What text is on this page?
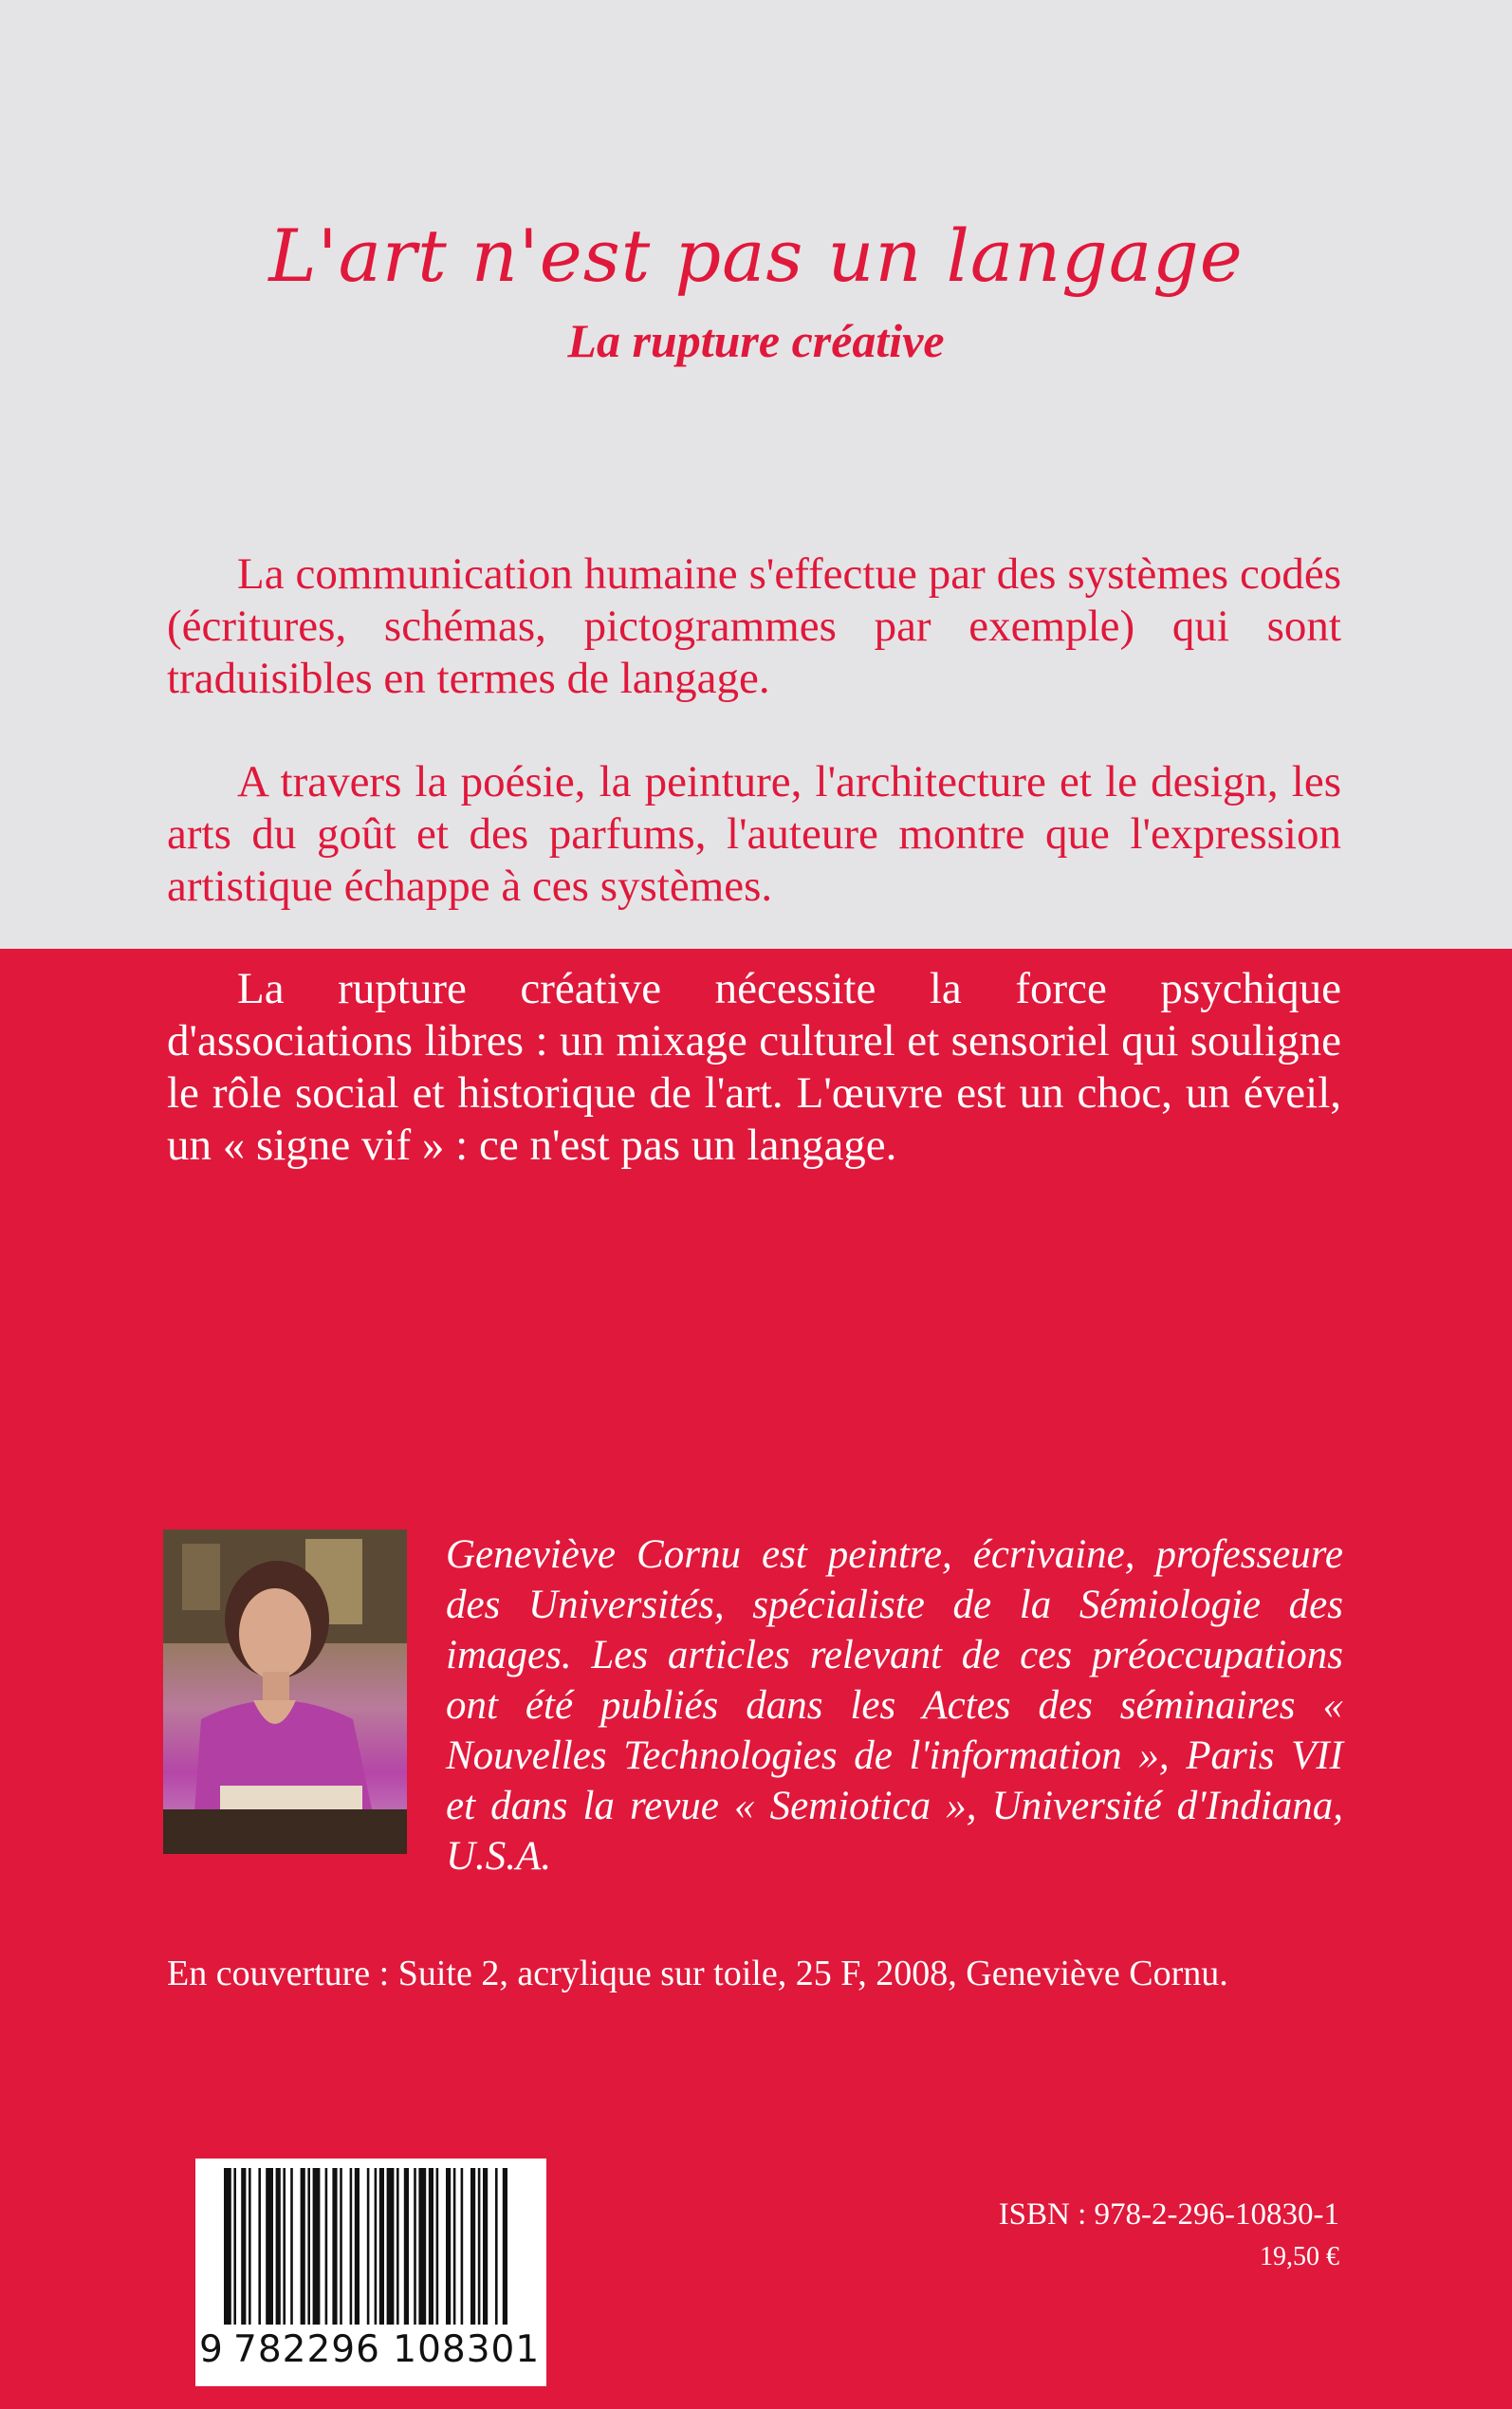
L'art n'est pas un langage
La rupture créative

La communication humaine s'effectue par des systèmes codés (écritures, schémas, pictogrammes par exemple) qui sont traduisibles en termes de langage.

A travers la poésie, la peinture, l'architecture et le design, les arts du goût et des parfums, l'auteure montre que l'expression artistique échappe à ces systèmes.

La rupture créative nécessite la force psychique d'associations libres : un mixage culturel et sensoriel qui souligne le rôle social et historique de l'art. L'œuvre est un choc, un éveil, un « signe vif » : ce n'est pas un langage.

Geneviève Cornu est peintre, écrivaine, professeure des Universités, spécialiste de la Sémiologie des images. Les articles relevant de ces préoccupations ont été publiés dans les Actes des séminaires « Nouvelles Technologies de l'information », Paris VII et dans la revue « Semiotica », Université d'Indiana, U.S.A.

En couverture : Suite 2, acrylique sur toile, 25 F, 2008, Geneviève Cornu.

9 782296 108301

ISBN : 978-2-296-10830-1

19,50 €
